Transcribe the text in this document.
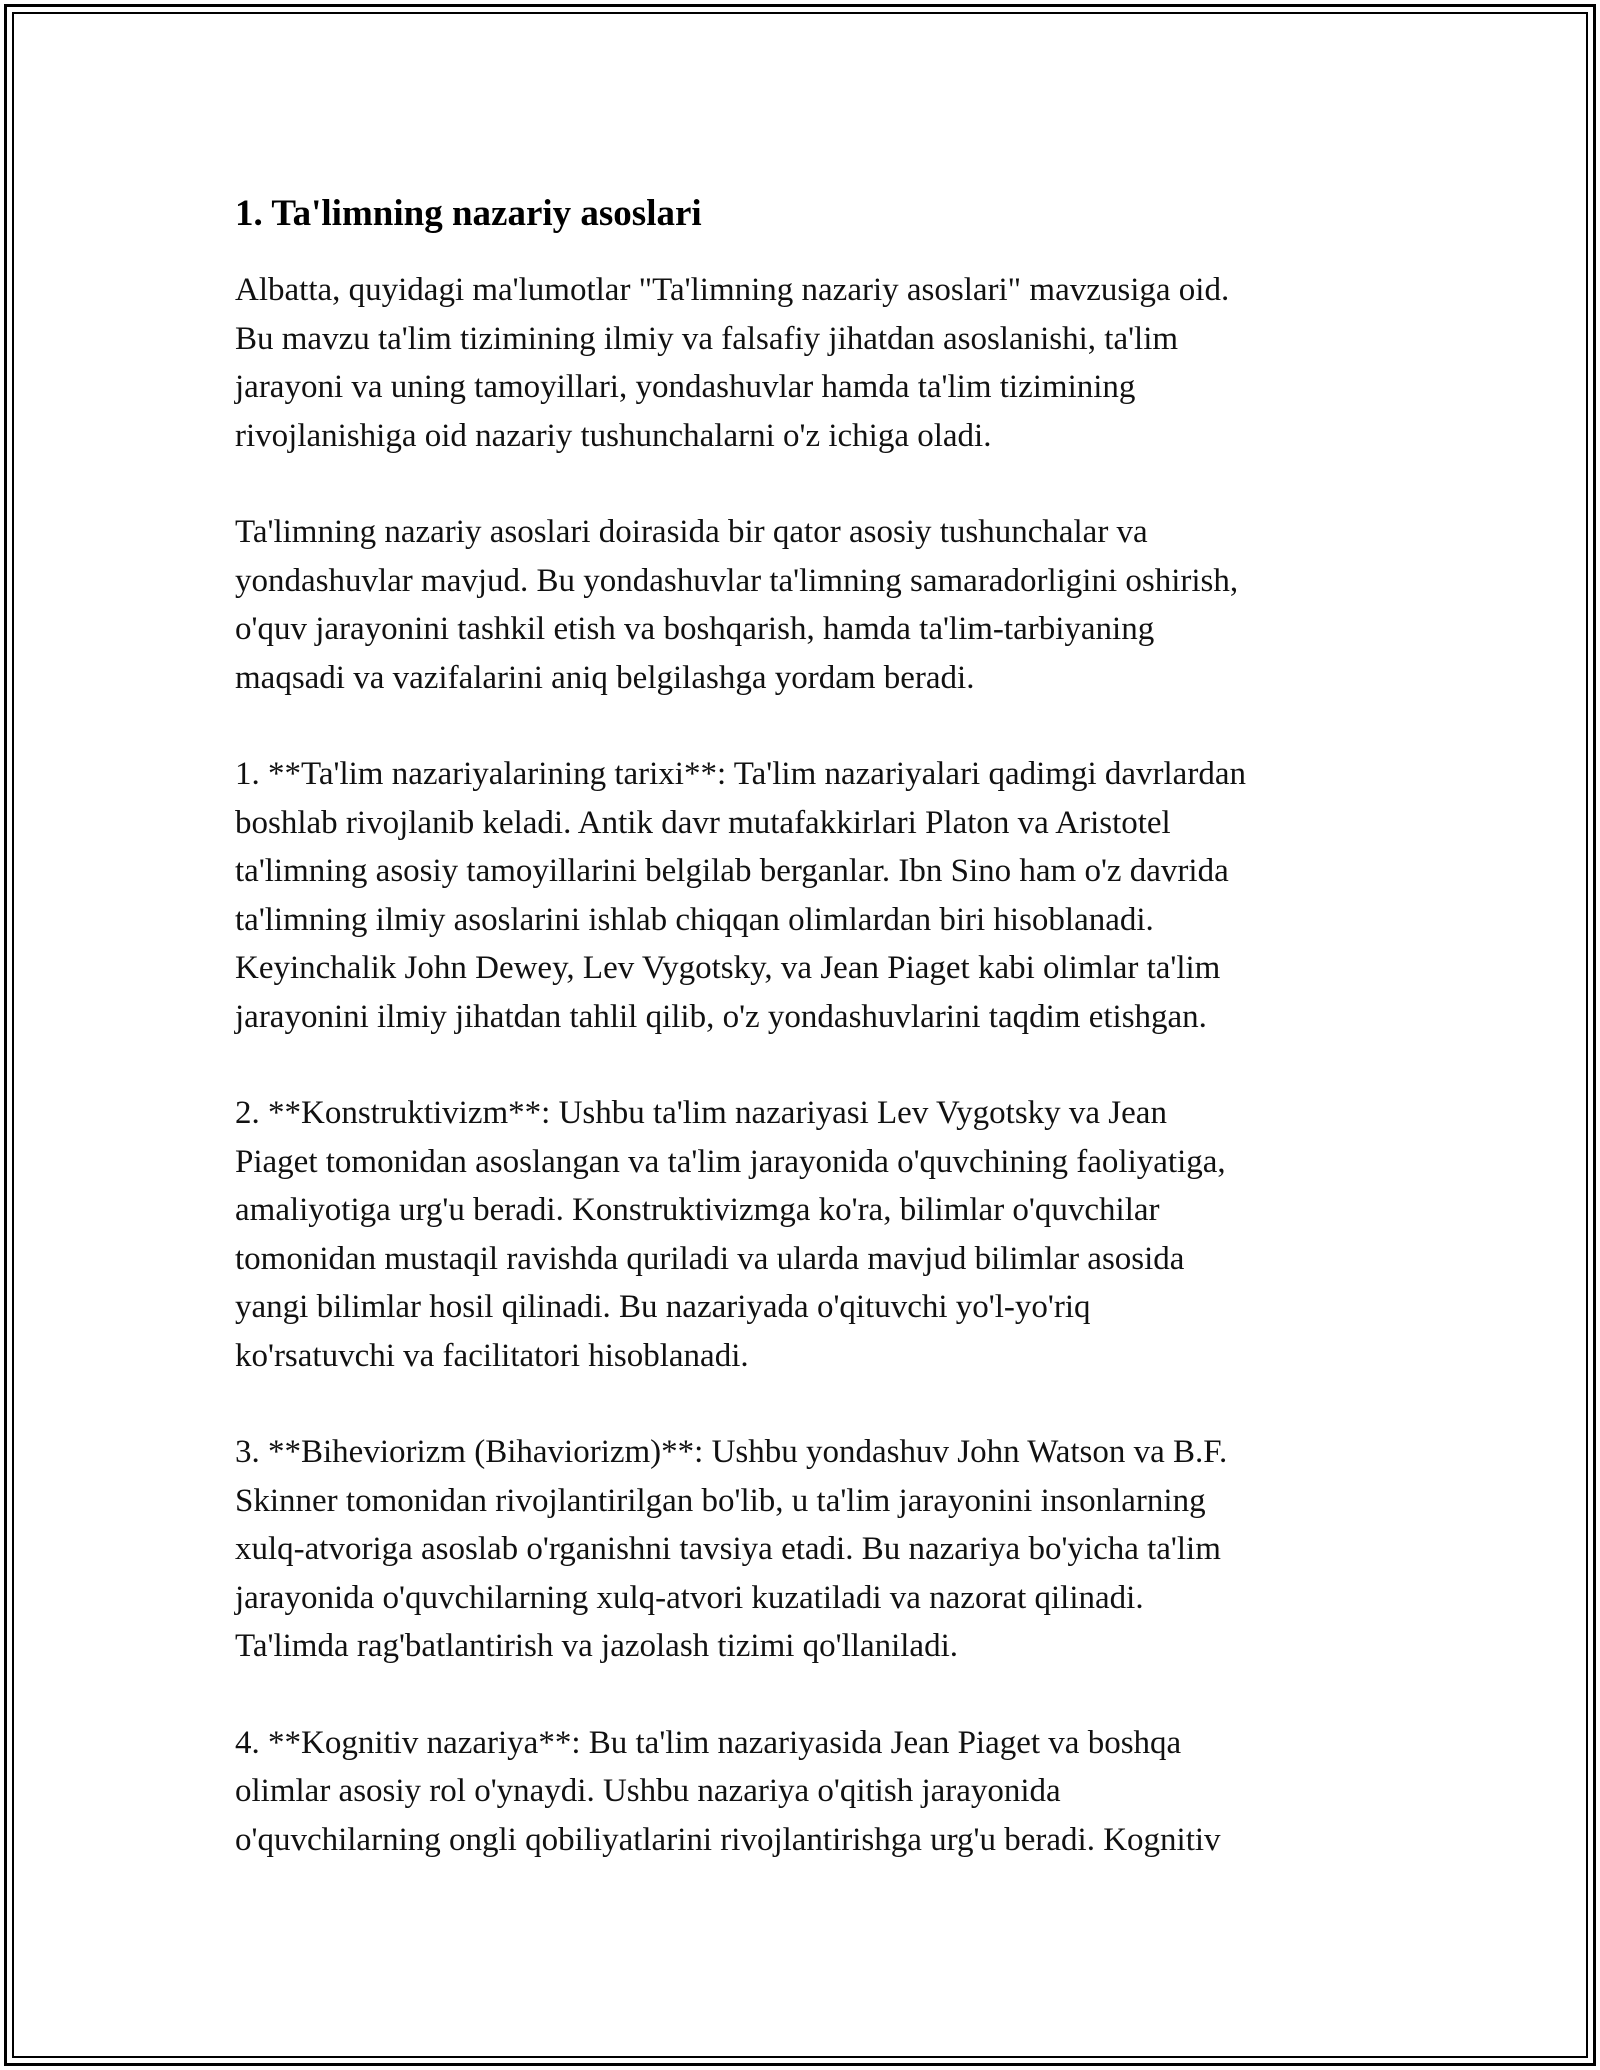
1. Ta'limning nazariy asoslari

Albatta, quyidagi ma'lumotlar "Ta'limning nazariy asoslari" mavzusiga oid.
Bu mavzu ta'lim tizimining ilmiy va falsafiy jihatdan asoslanishi, ta'lim
jarayoni va uning tamoyillari, yondashuvlar hamda ta'lim tizimining
rivojlanishiga oid nazariy tushunchalarni o'z ichiga oladi.

Ta'limning nazariy asoslari doirasida bir qator asosiy tushunchalar va
yondashuvlar mavjud. Bu yondashuvlar ta'limning samaradorligini oshirish,
o'quv jarayonini tashkil etish va boshqarish, hamda ta'lim-tarbiyaning
maqsadi va vazifalarini aniq belgilashga yordam beradi.

1. **Ta'lim nazariyalarining tarixi**: Ta'lim nazariyalari qadimgi davrlardan
boshlab rivojlanib keladi. Antik davr mutafakkirlari Platon va Aristotel
ta'limning asosiy tamoyillarini belgilab berganlar. Ibn Sino ham o'z davrida
ta'limning ilmiy asoslarini ishlab chiqqan olimlardan biri hisoblanadi.
Keyinchalik John Dewey, Lev Vygotsky, va Jean Piaget kabi olimlar ta'lim
jarayonini ilmiy jihatdan tahlil qilib, o'z yondashuvlarini taqdim etishgan.

2. **Konstruktivizm**: Ushbu ta'lim nazariyasi Lev Vygotsky va Jean
Piaget tomonidan asoslangan va ta'lim jarayonida o'quvchining faoliyatiga,
amaliyotiga urg'u beradi. Konstruktivizmga ko'ra, bilimlar o'quvchilar
tomonidan mustaqil ravishda quriladi va ularda mavjud bilimlar asosida
yangi bilimlar hosil qilinadi. Bu nazariyada o'qituvchi yo'l-yo'riq
ko'rsatuvchi va facilitatori hisoblanadi.

3. **Biheviorizm (Bihaviorizm)**: Ushbu yondashuv John Watson va B.F.
Skinner tomonidan rivojlantirilgan bo'lib, u ta'lim jarayonini insonlarning
xulq-atvoriga asoslab o'rganishni tavsiya etadi. Bu nazariya bo'yicha ta'lim
jarayonida o'quvchilarning xulq-atvori kuzatiladi va nazorat qilinadi.
Ta'limda rag'batlantirish va jazolash tizimi qo'llaniladi.

4. **Kognitiv nazariya**: Bu ta'lim nazariyasida Jean Piaget va boshqa
olimlar asosiy rol o'ynaydi. Ushbu nazariya o'qitish jarayonida
o'quvchilarning ongli qobiliyatlarini rivojlantirishga urg'u beradi. Kognitiv
